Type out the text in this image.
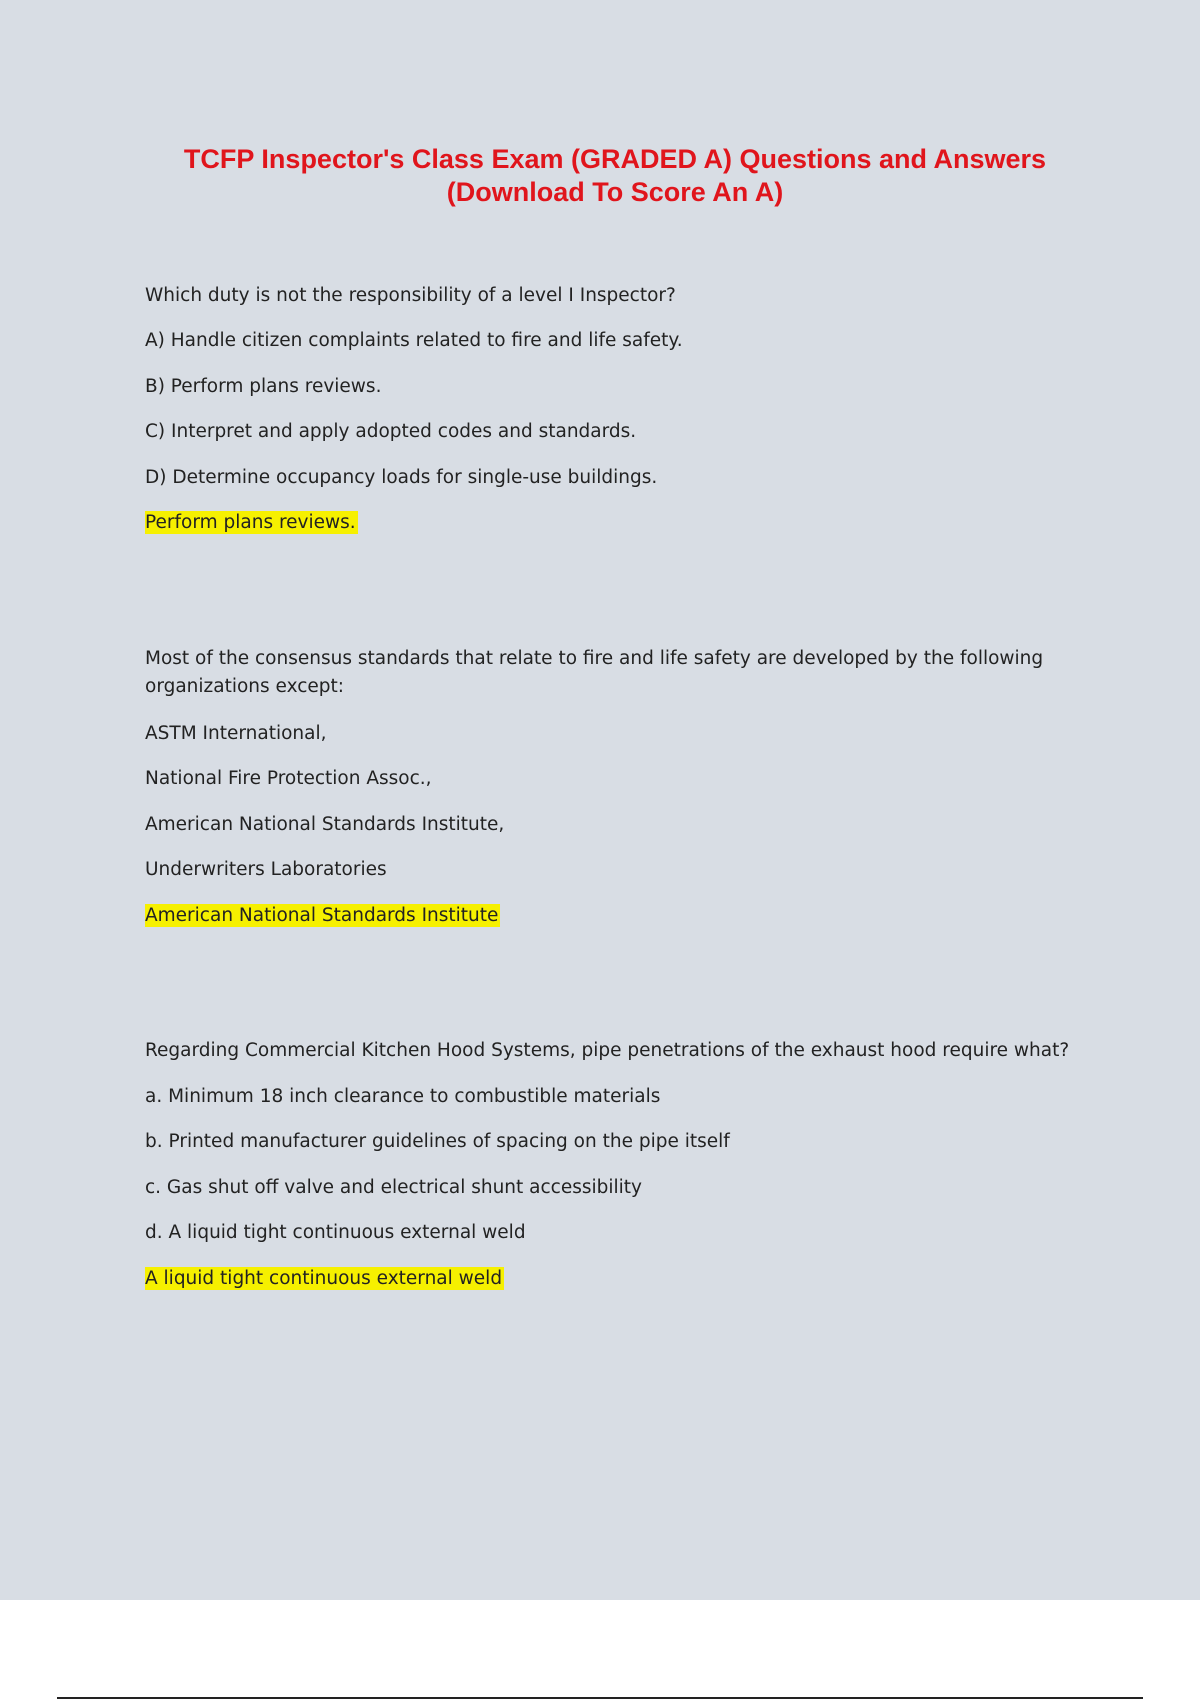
TCFP Inspector's Class Exam (GRADED A) Questions and Answers
(Download To Score An A)
Which duty is not the responsibility of a level I Inspector?
A) Handle citizen complaints related to fire and life safety.
B) Perform plans reviews.
C) Interpret and apply adopted codes and standards.
D) Determine occupancy loads for single-use buildings.
Perform plans reviews.
Most of the consensus standards that relate to fire and life safety are developed by the following organizations except:
ASTM International,
National Fire Protection Assoc.,
American National Standards Institute,
Underwriters Laboratories
American National Standards Institute
Regarding Commercial Kitchen Hood Systems, pipe penetrations of the exhaust hood require what?
a. Minimum 18 inch clearance to combustible materials
b. Printed manufacturer guidelines of spacing on the pipe itself
c. Gas shut off valve and electrical shunt accessibility
d. A liquid tight continuous external weld
A liquid tight continuous external weld
